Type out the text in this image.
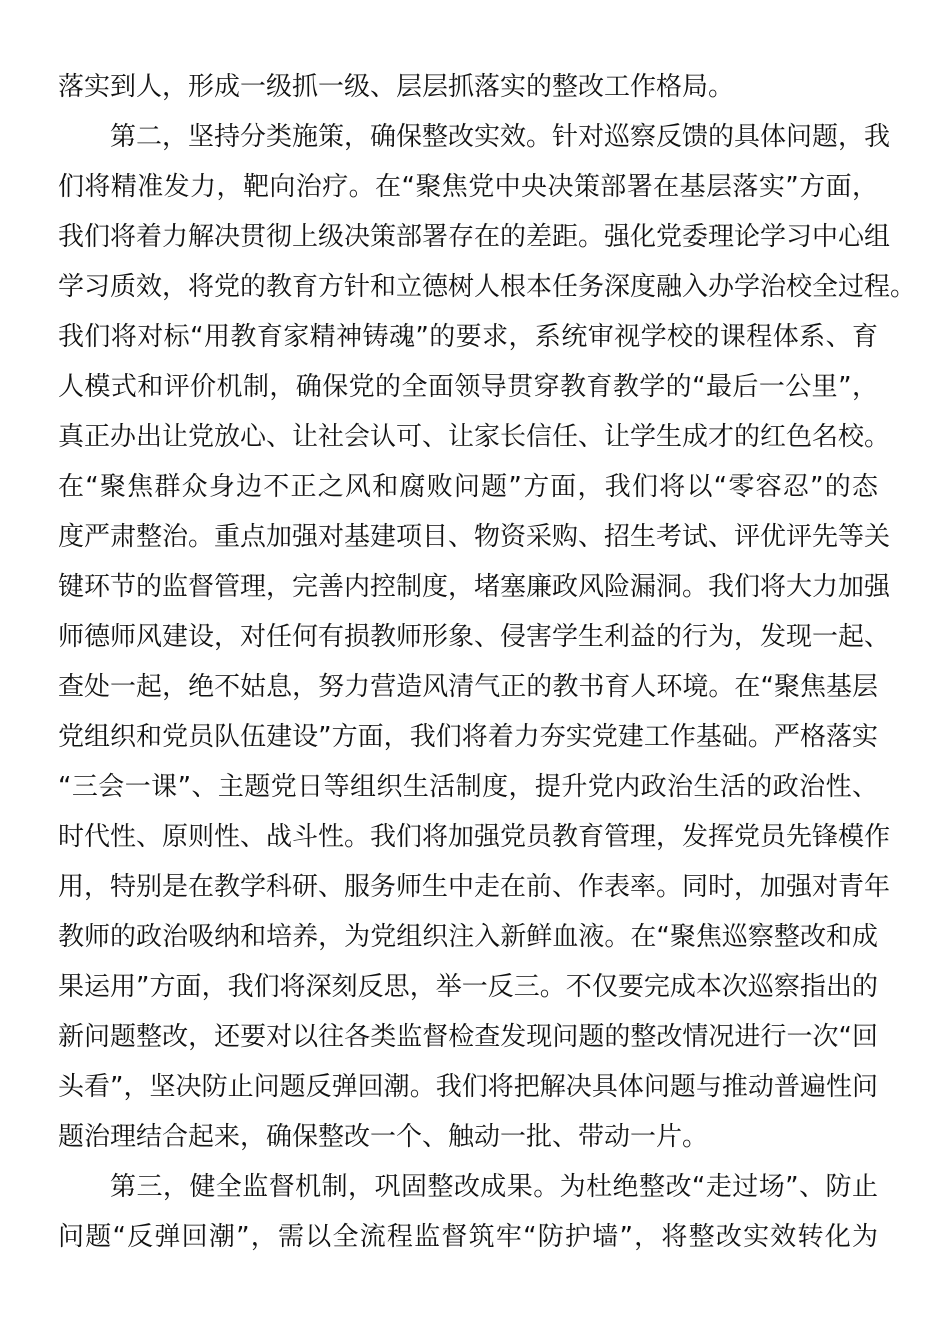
落实到人，形成一级抓一级、层层抓落实的整改工作格局。
第二，坚持分类施策，确保整改实效。针对巡察反馈的具体问题，我
们将精准发力，靶向治疗。在“聚焦党中央决策部署在基层落实”方面，
我们将着力解决贯彻上级决策部署存在的差距。强化党委理论学习中心组
学习质效，将党的教育方针和立德树人根本任务深度融入办学治校全过程。
我们将对标“用教育家精神铸魂”的要求，系统审视学校的课程体系、育
人模式和评价机制，确保党的全面领导贯穿教育教学的“最后一公里”，
真正办出让党放心、让社会认可、让家长信任、让学生成才的红色名校。
在“聚焦群众身边不正之风和腐败问题”方面，我们将以“零容忍”的态
度严肃整治。重点加强对基建项目、物资采购、招生考试、评优评先等关
键环节的监督管理，完善内控制度，堵塞廉政风险漏洞。我们将大力加强
师德师风建设，对任何有损教师形象、侵害学生利益的行为，发现一起、
查处一起，绝不姑息，努力营造风清气正的教书育人环境。在“聚焦基层
党组织和党员队伍建设”方面，我们将着力夯实党建工作基础。严格落实
“三会一课”、主题党日等组织生活制度，提升党内政治生活的政治性、
时代性、原则性、战斗性。我们将加强党员教育管理，发挥党员先锋模作
用，特别是在教学科研、服务师生中走在前、作表率。同时，加强对青年
教师的政治吸纳和培养，为党组织注入新鲜血液。在“聚焦巡察整改和成
果运用”方面，我们将深刻反思，举一反三。不仅要完成本次巡察指出的
新问题整改，还要对以往各类监督检查发现问题的整改情况进行一次“回
头看”，坚决防止问题反弹回潮。我们将把解决具体问题与推动普遍性问
题治理结合起来，确保整改一个、触动一批、带动一片。
第三，健全监督机制，巩固整改成果。为杜绝整改“走过场”、防止
问题“反弹回潮”，需以全流程监督筑牢“防护墙”，将整改实效转化为
